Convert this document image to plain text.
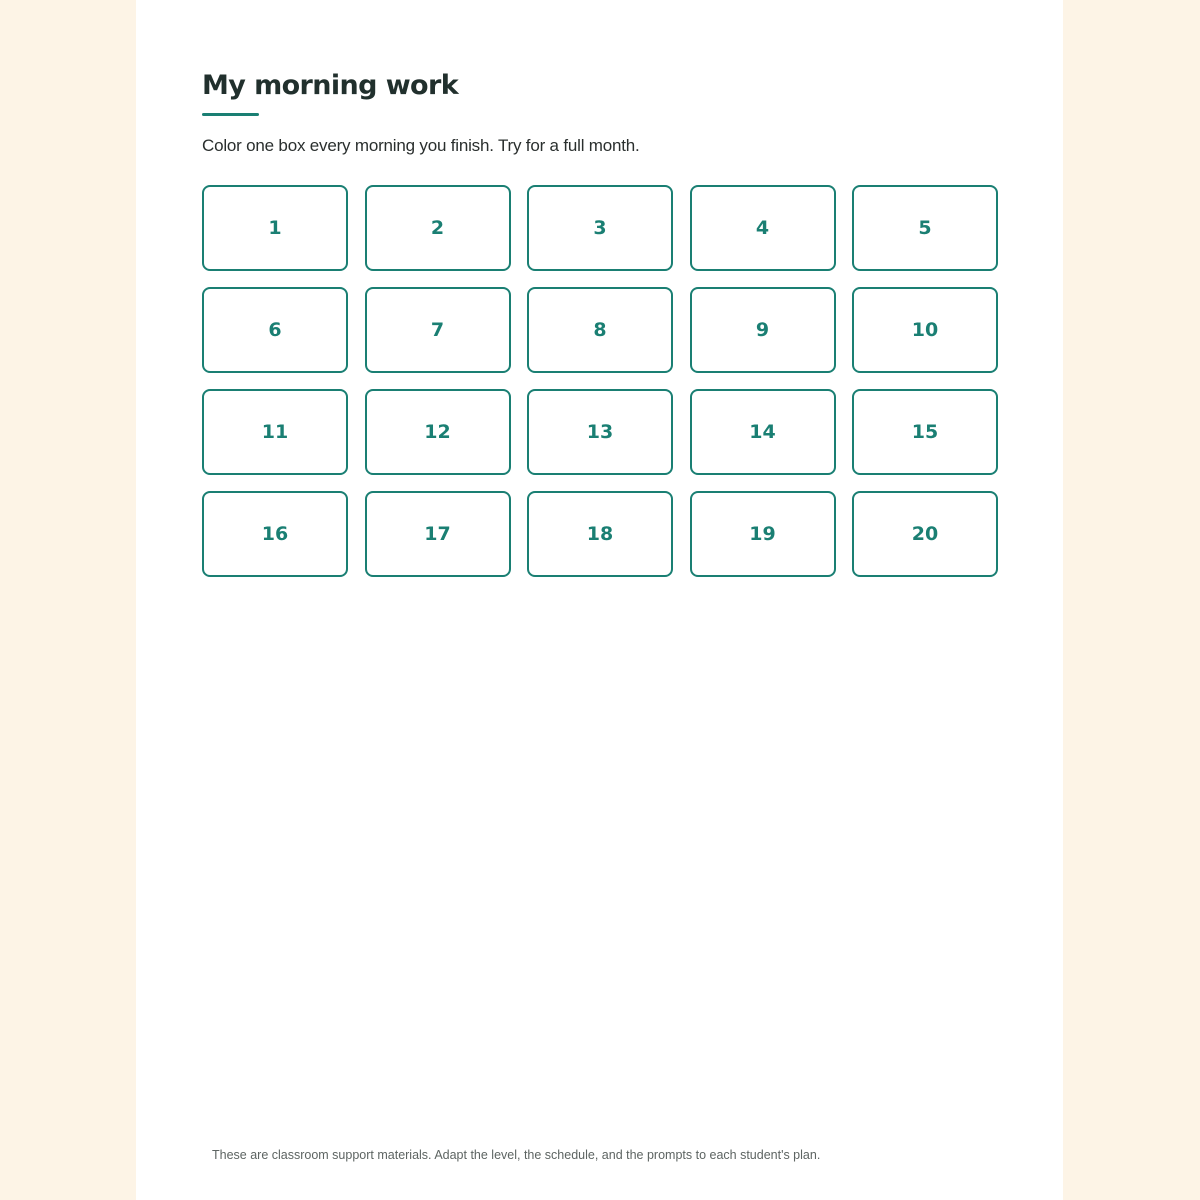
My morning work

Color one box every morning you finish. Try for a full month.

1	2	3	4	5
6	7	8	9	10
11	12	13	14	15
16	17	18	19	20

These are classroom support materials. Adapt the level, the schedule, and the prompts to each student's plan.
